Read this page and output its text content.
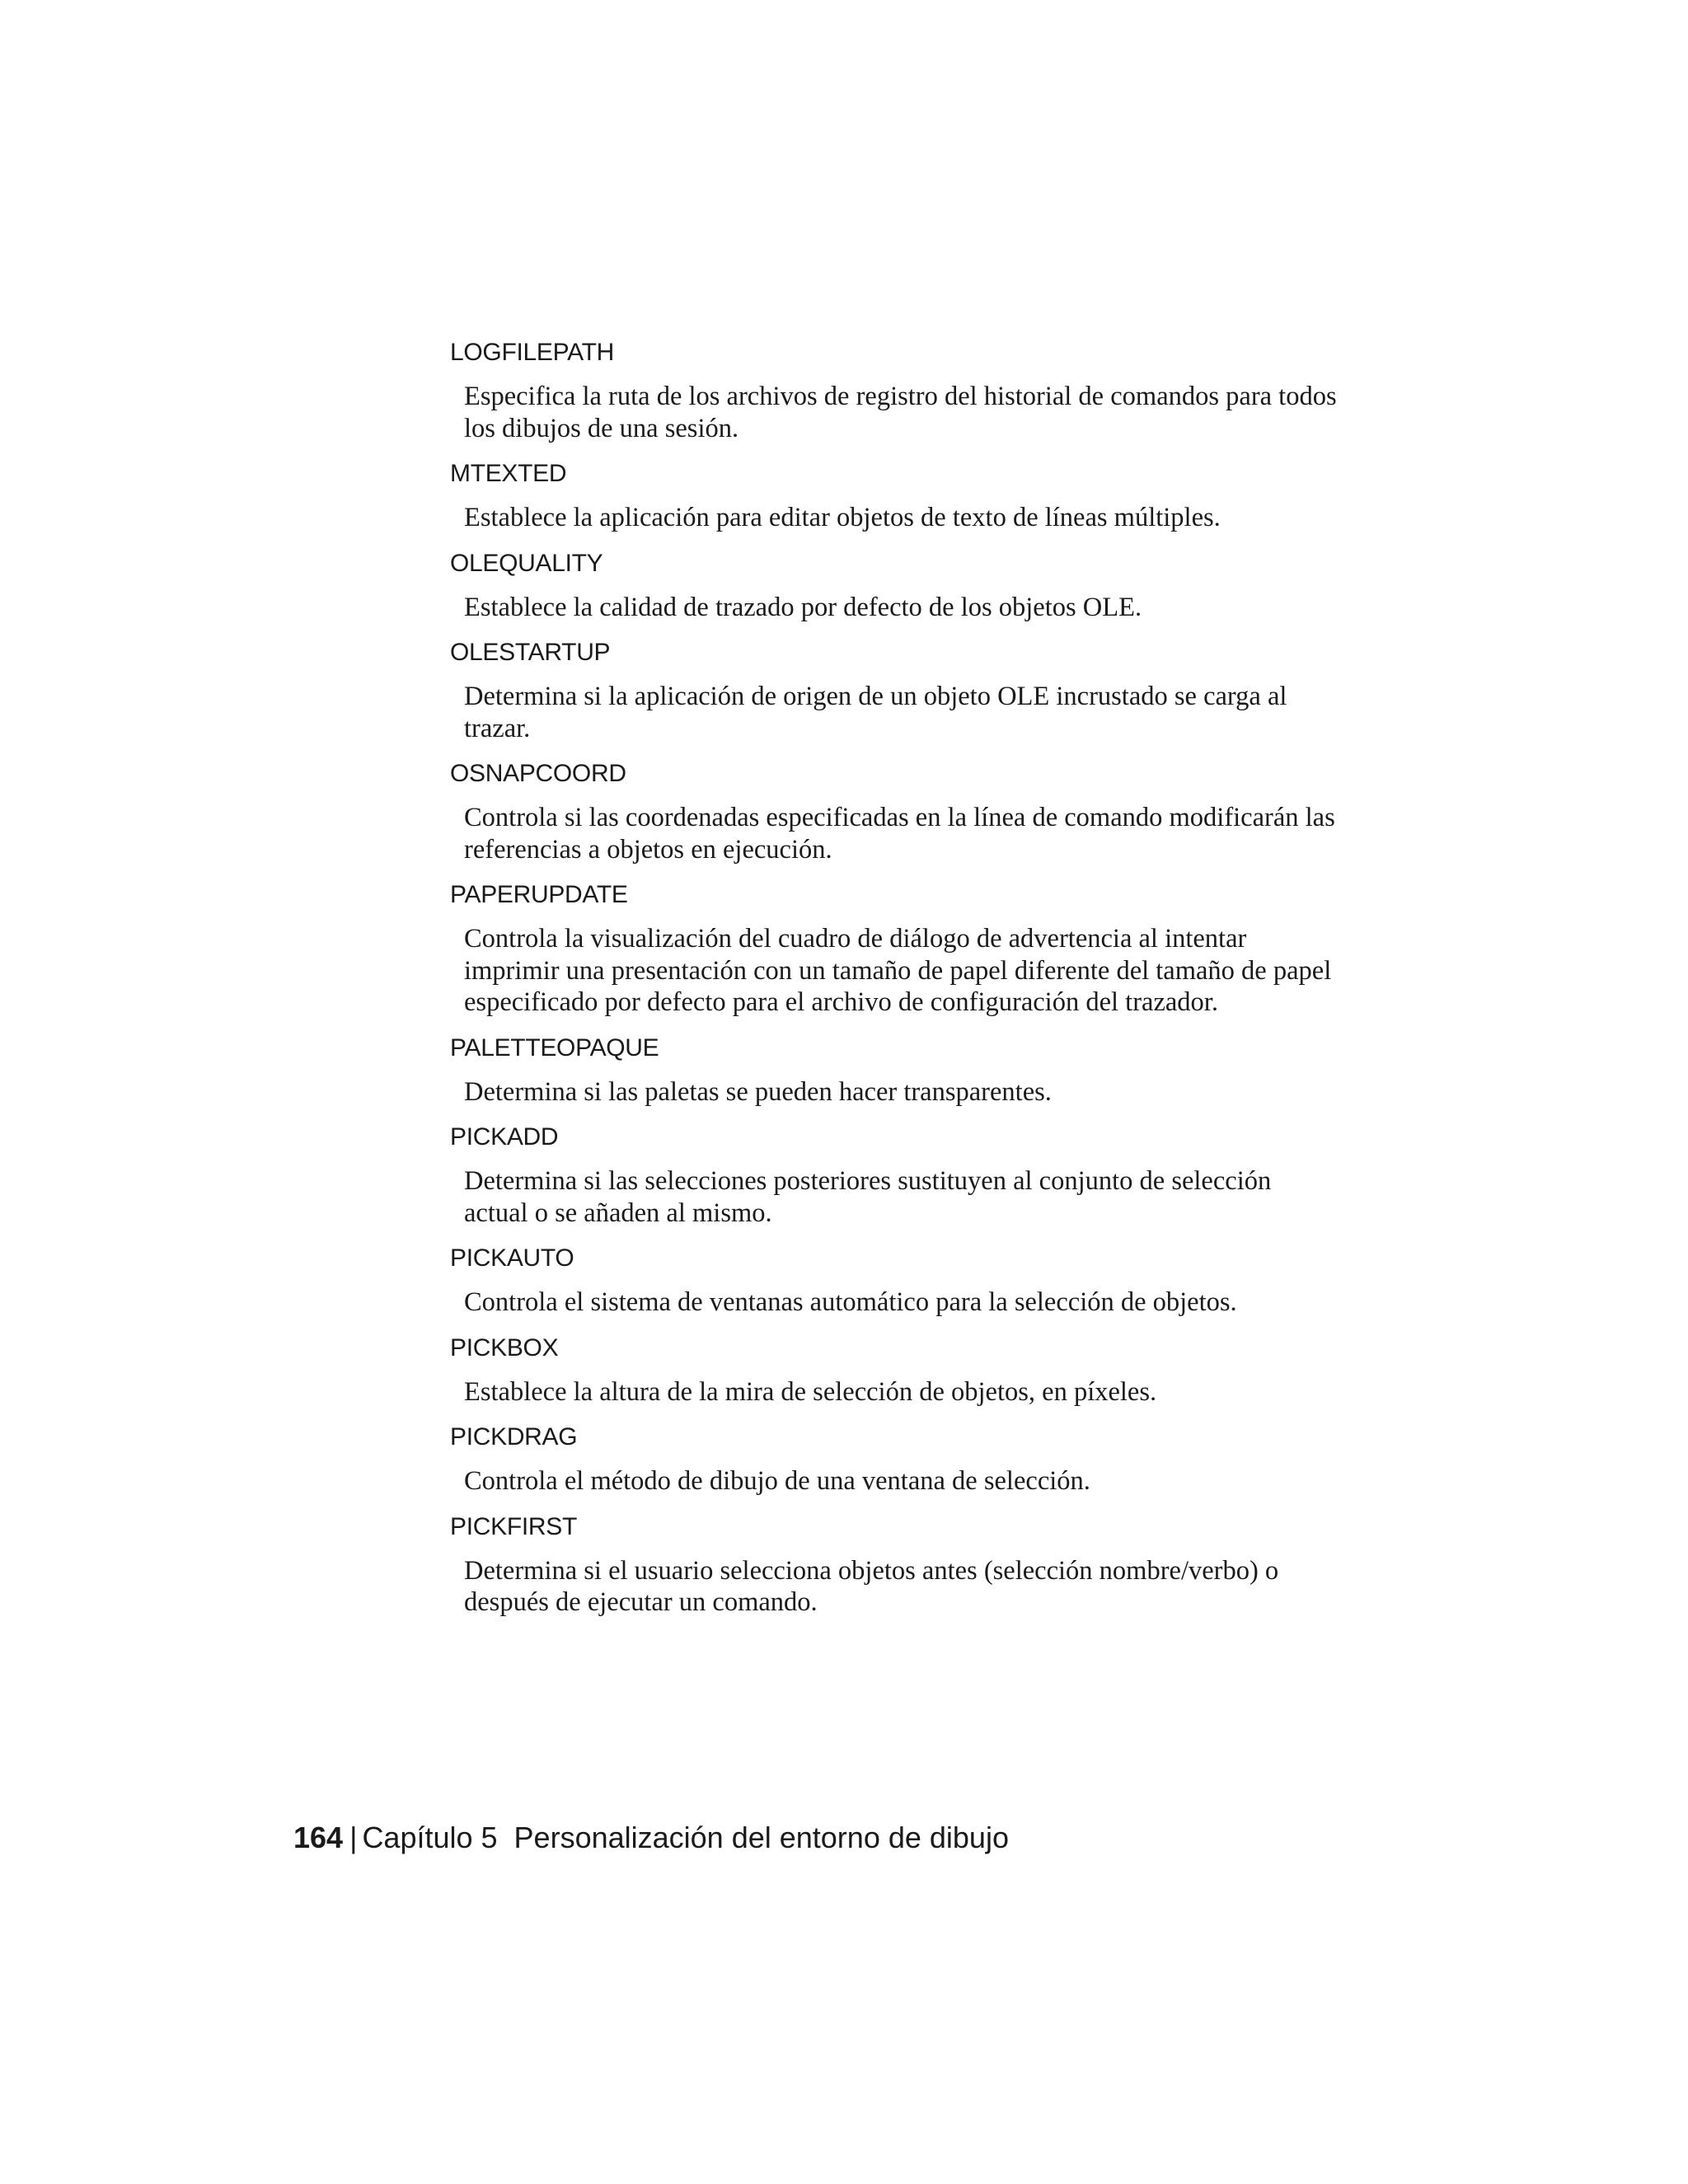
LOGFILEPATH

Especifica la ruta de los archivos de registro del historial de comandos para todos los dibujos de una sesión.

MTEXTED

Establece la aplicación para editar objetos de texto de líneas múltiples.

OLEQUALITY

Establece la calidad de trazado por defecto de los objetos OLE.

OLESTARTUP

Determina si la aplicación de origen de un objeto OLE incrustado se carga al trazar.

OSNAPCOORD

Controla si las coordenadas especificadas en la línea de comando modificarán las referencias a objetos en ejecución.

PAPERUPDATE

Controla la visualización del cuadro de diálogo de advertencia al intentar imprimir una presentación con un tamaño de papel diferente del tamaño de papel especificado por defecto para el archivo de configuración del trazador.

PALETTEOPAQUE

Determina si las paletas se pueden hacer transparentes.

PICKADD

Determina si las selecciones posteriores sustituyen al conjunto de selección actual o se añaden al mismo.

PICKAUTO

Controla el sistema de ventanas automático para la selección de objetos.

PICKBOX

Establece la altura de la mira de selección de objetos, en píxeles.

PICKDRAG

Controla el método de dibujo de una ventana de selección.

PICKFIRST

Determina si el usuario selecciona objetos antes (selección nombre/verbo) o después de ejecutar un comando.

164 | Capítulo 5 Personalización del entorno de dibujo
